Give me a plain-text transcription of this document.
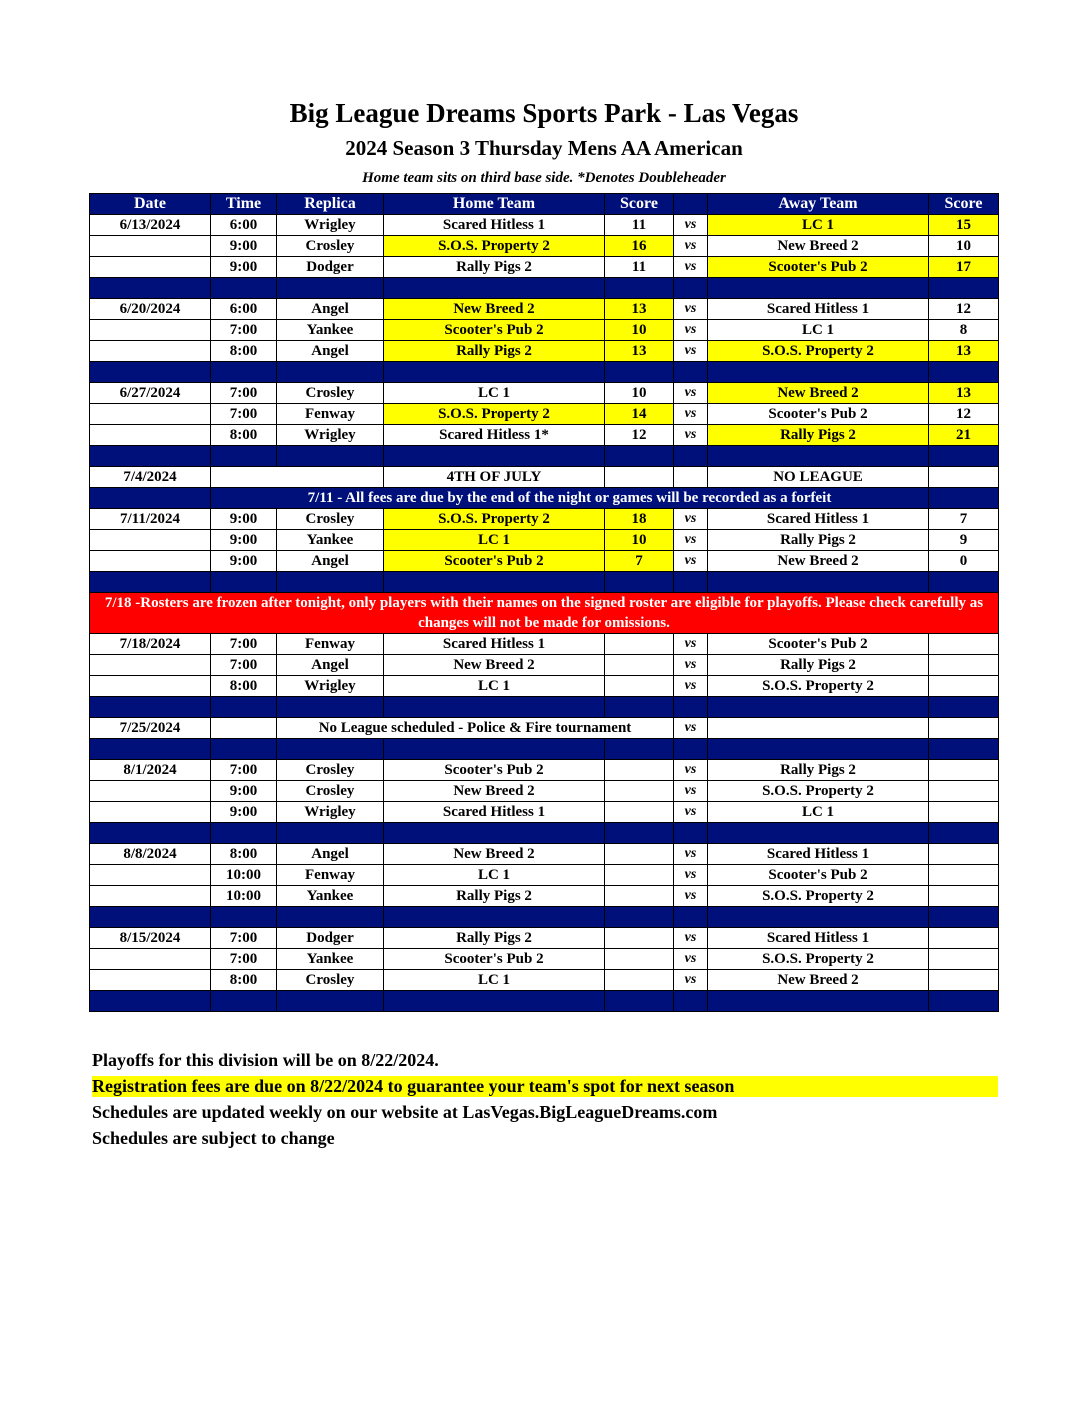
Big League Dreams Sports Park - Las Vegas
2024 Season 3 Thursday Mens AA American
Home team sits on third base side. *Denotes Doubleheader
Date	Time	Replica	Home Team	Score		Away Team	Score
6/13/2024	6:00	Wrigley	Scared Hitless 1	11	vs	LC 1	15
	9:00	Crosley	S.O.S. Property 2	16	vs	New Breed 2	10
	9:00	Dodger	Rally Pigs 2	11	vs	Scooter's Pub 2	17

6/20/2024	6:00	Angel	New Breed 2	13	vs	Scared Hitless 1	12
	7:00	Yankee	Scooter's Pub 2	10	vs	LC 1	8
	8:00	Angel	Rally Pigs 2	13	vs	S.O.S. Property 2	13

6/27/2024	7:00	Crosley	LC 1	10	vs	New Breed 2	13
	7:00	Fenway	S.O.S. Property 2	14	vs	Scooter's Pub 2	12
	8:00	Wrigley	Scared Hitless 1*	12	vs	Rally Pigs 2	21

7/4/2024			4TH OF JULY			NO LEAGUE	
	7/11 - All fees are due by the end of the night or games will be recorded as a forfeit						
7/11/2024	9:00	Crosley	S.O.S. Property 2	18	vs	Scared Hitless 1	7
	9:00	Yankee	LC 1	10	vs	Rally Pigs 2	9
	9:00	Angel	Scooter's Pub 2	7	vs	New Breed 2	0

7/18 -Rosters are frozen after tonight, only players with their names on the signed roster are eligible for playoffs. Please check carefully as changes will not be made for omissions.							
7/18/2024	7:00	Fenway	Scared Hitless 1		vs	Scooter's Pub 2	
	7:00	Angel	New Breed 2		vs	Rally Pigs 2	
	8:00	Wrigley	LC 1		vs	S.O.S. Property 2	

7/25/2024		No League scheduled - Police & Fire tournament			vs		

8/1/2024	7:00	Crosley	Scooter's Pub 2		vs	Rally Pigs 2	
	9:00	Crosley	New Breed 2		vs	S.O.S. Property 2	
	9:00	Wrigley	Scared Hitless 1		vs	LC 1	

8/8/2024	8:00	Angel	New Breed 2		vs	Scared Hitless 1	
	10:00	Fenway	LC 1		vs	Scooter's Pub 2	
	10:00	Yankee	Rally Pigs 2		vs	S.O.S. Property 2	

8/15/2024	7:00	Dodger	Rally Pigs 2		vs	Scared Hitless 1	
	7:00	Yankee	Scooter's Pub 2		vs	S.O.S. Property 2	
	8:00	Crosley	LC 1		vs	New Breed 2	

Playoffs for this division will be on 8/22/2024.
Registration fees are due on 8/22/2024 to guarantee your team's spot for next season
Schedules are updated weekly on our website at LasVegas.BigLeagueDreams.com
Schedules are subject to change
